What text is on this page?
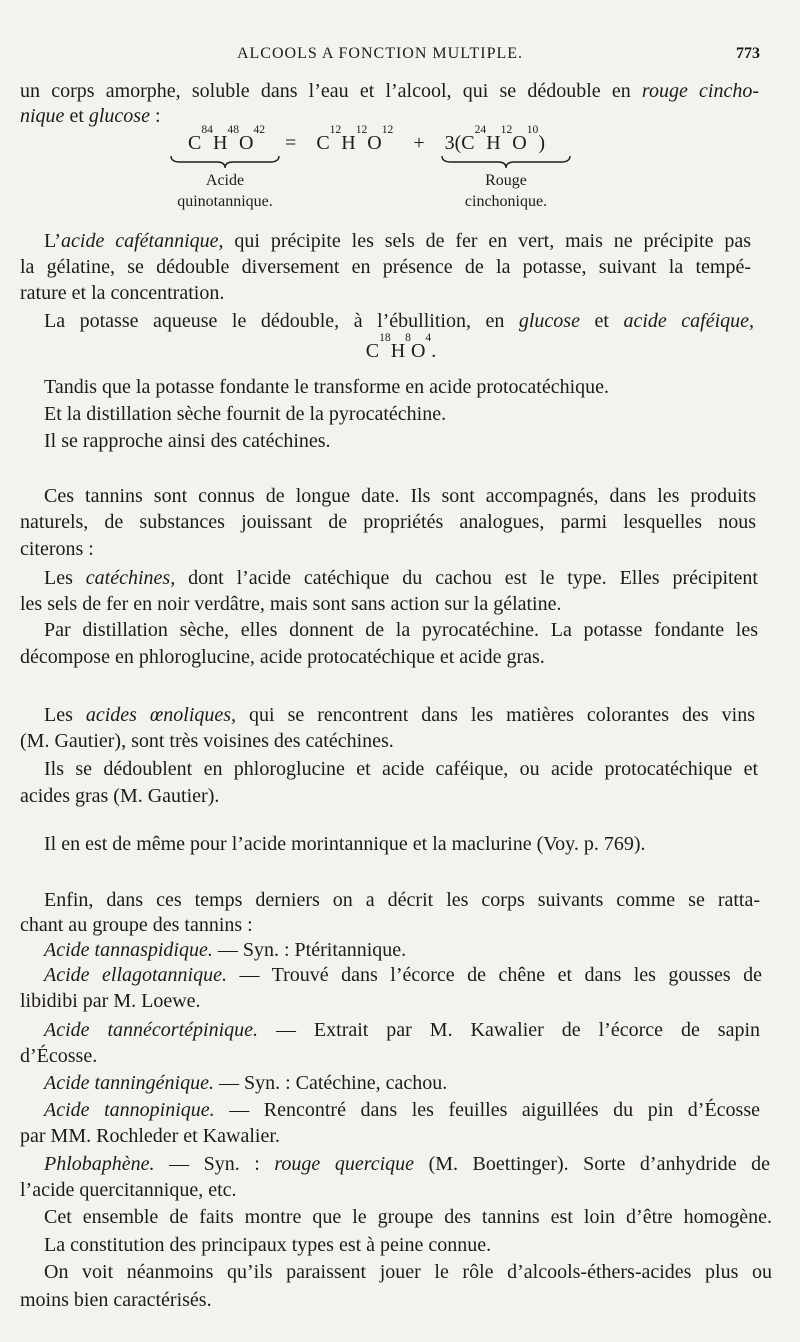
ALCOOLS A FONCTION MULTIPLE.	773
un corps amorphe, soluble dans l’eau et l’alcool, qui se dédouble en rouge cincho-
nique et glucose :
$C^{84}H^{48}O^{42}= C^{12}H^{12}O^{12}+ 3(C^{24}H^{12}O^{10})$
Acide
quinotannique.
Rouge
cinchonique.
L’acide cafétannique, qui précipite les sels de fer en vert, mais ne précipite pas
la gélatine, se dédouble diversement en présence de la potasse, suivant la tempé-
rature et la concentration.
La potasse aqueuse le dédouble, à l’ébullition, en glucose et acide caféique,
$C^{18}H^8O^4$.
Tandis que la potasse fondante le transforme en acide protocatéchique.
Et la distillation sèche fournit de la pyrocatéchine.
Il se rapproche ainsi des catéchines.
Ces tannins sont connus de longue date. Ils sont accompagnés, dans les produits
naturels, de substances jouissant de propriétés analogues, parmi lesquelles nous
citerons :
Les catéchines, dont l’acide catéchique du cachou est le type. Elles précipitent
les sels de fer en noir verdâtre, mais sont sans action sur la gélatine.
Par distillation sèche, elles donnent de la pyrocatéchine. La potasse fondante les
décompose en phloroglucine, acide protocatéchique et acide gras.
Les acides œnoliques, qui se rencontrent dans les matières colorantes des vins
(M. Gautier), sont très voisines des catéchines.
Ils se dédoublent en phloroglucine et acide caféique, ou acide protocatéchique et
acides gras (M. Gautier).
Il en est de même pour l’acide morintannique et la maclurine (Voy. p. 769).
Enfin, dans ces temps derniers on a décrit les corps suivants comme se ratta-
chant au groupe des tannins :
Acide tannaspidique. — Syn. : Ptéritannique.
Acide ellagotannique. — Trouvé dans l’écorce de chêne et dans les gousses de
libidibi par M. Loewe.
Acide tannécortépinique. — Extrait par M. Kawalier de l’écorce de sapin
d’Écosse.
Acide tanningénique. — Syn. : Catéchine, cachou.
Acide tannopinique. — Rencontré dans les feuilles aiguillées du pin d’Écosse
par MM. Rochleder et Kawalier.
Phlobaphène. — Syn. : rouge quercique (M. Boettinger). Sorte d’anhydride de
l’acide quercitannique, etc.
Cet ensemble de faits montre que le groupe des tannins est loin d’être homogène.
La constitution des principaux types est à peine connue.
On voit néanmoins qu’ils paraissent jouer le rôle d’alcools-éthers-acides plus ou
moins bien caractérisés.
